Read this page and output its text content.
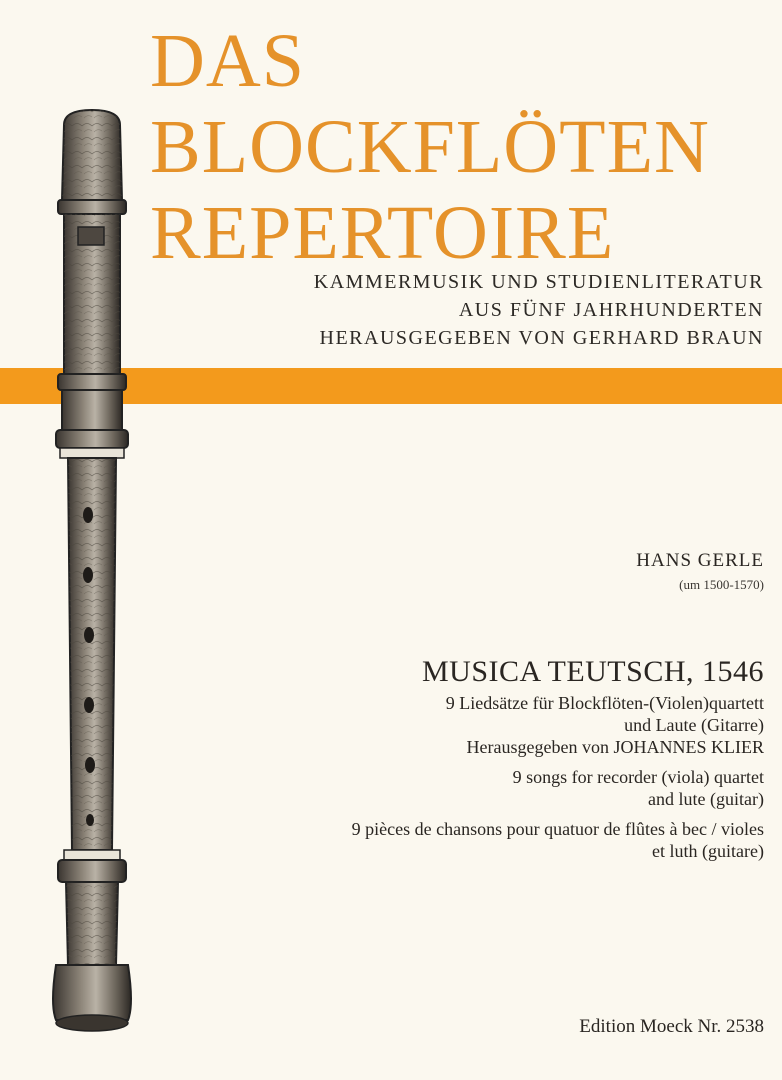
DAS
BLOCKFLÖTEN
REPERTOIRE
KAMMERMUSIK UND STUDIENLITERATUR
AUS FÜNF JAHRHUNDERTEN
HERAUSGEGEBEN VON GERHARD BRAUN
HANS GERLE
(um 1500-1570)
MUSICA TEUTSCH, 1546
9 Liedsätze für Blockflöten-(Violen)quartett
und Laute (Gitarre)
Herausgegeben von JOHANNES KLIER
9 songs for recorder (viola) quartet
and lute (guitar)
9 pièces de chansons pour quatuor de flûtes à bec / violes
et luth (guitare)
Edition Moeck Nr. 2538
